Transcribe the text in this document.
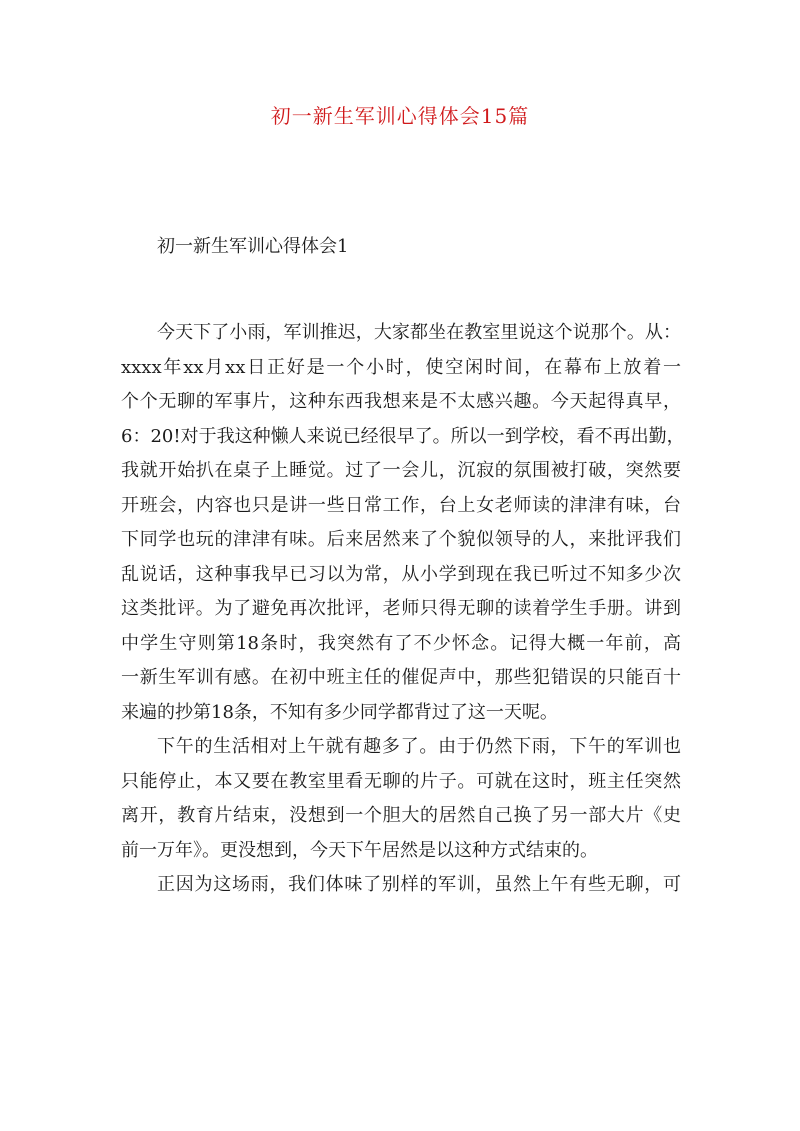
初一新生军训心得体会15篇
初一新生军训心得体会1
今天下了小雨，军训推迟，大家都坐在教室里说这个说那个。从：
xxxx年xx月xx日正好是一个小时，使空闲时间，在幕布上放着一
个个无聊的军事片，这种东西我想来是不太感兴趣。今天起得真早，
6：20!对于我这种懒人来说已经很早了。所以一到学校，看不再出勤，
我就开始扒在桌子上睡觉。过了一会儿，沉寂的氛围被打破，突然要
开班会，内容也只是讲一些日常工作，台上女老师读的津津有味，台
下同学也玩的津津有味。后来居然来了个貌似领导的人，来批评我们
乱说话，这种事我早已习以为常，从小学到现在我已听过不知多少次
这类批评。为了避免再次批评，老师只得无聊的读着学生手册。讲到
中学生守则第18条时，我突然有了不少怀念。记得大概一年前，高
一新生军训有感。在初中班主任的催促声中，那些犯错误的只能百十
来遍的抄第18条，不知有多少同学都背过了这一天呢。
下午的生活相对上午就有趣多了。由于仍然下雨，下午的军训也
只能停止，本又要在教室里看无聊的片子。可就在这时，班主任突然
离开，教育片结束，没想到一个胆大的居然自己换了另一部大片《史
前一万年》。更没想到，今天下午居然是以这种方式结束的。
正因为这场雨，我们体味了别样的军训，虽然上午有些无聊，可
